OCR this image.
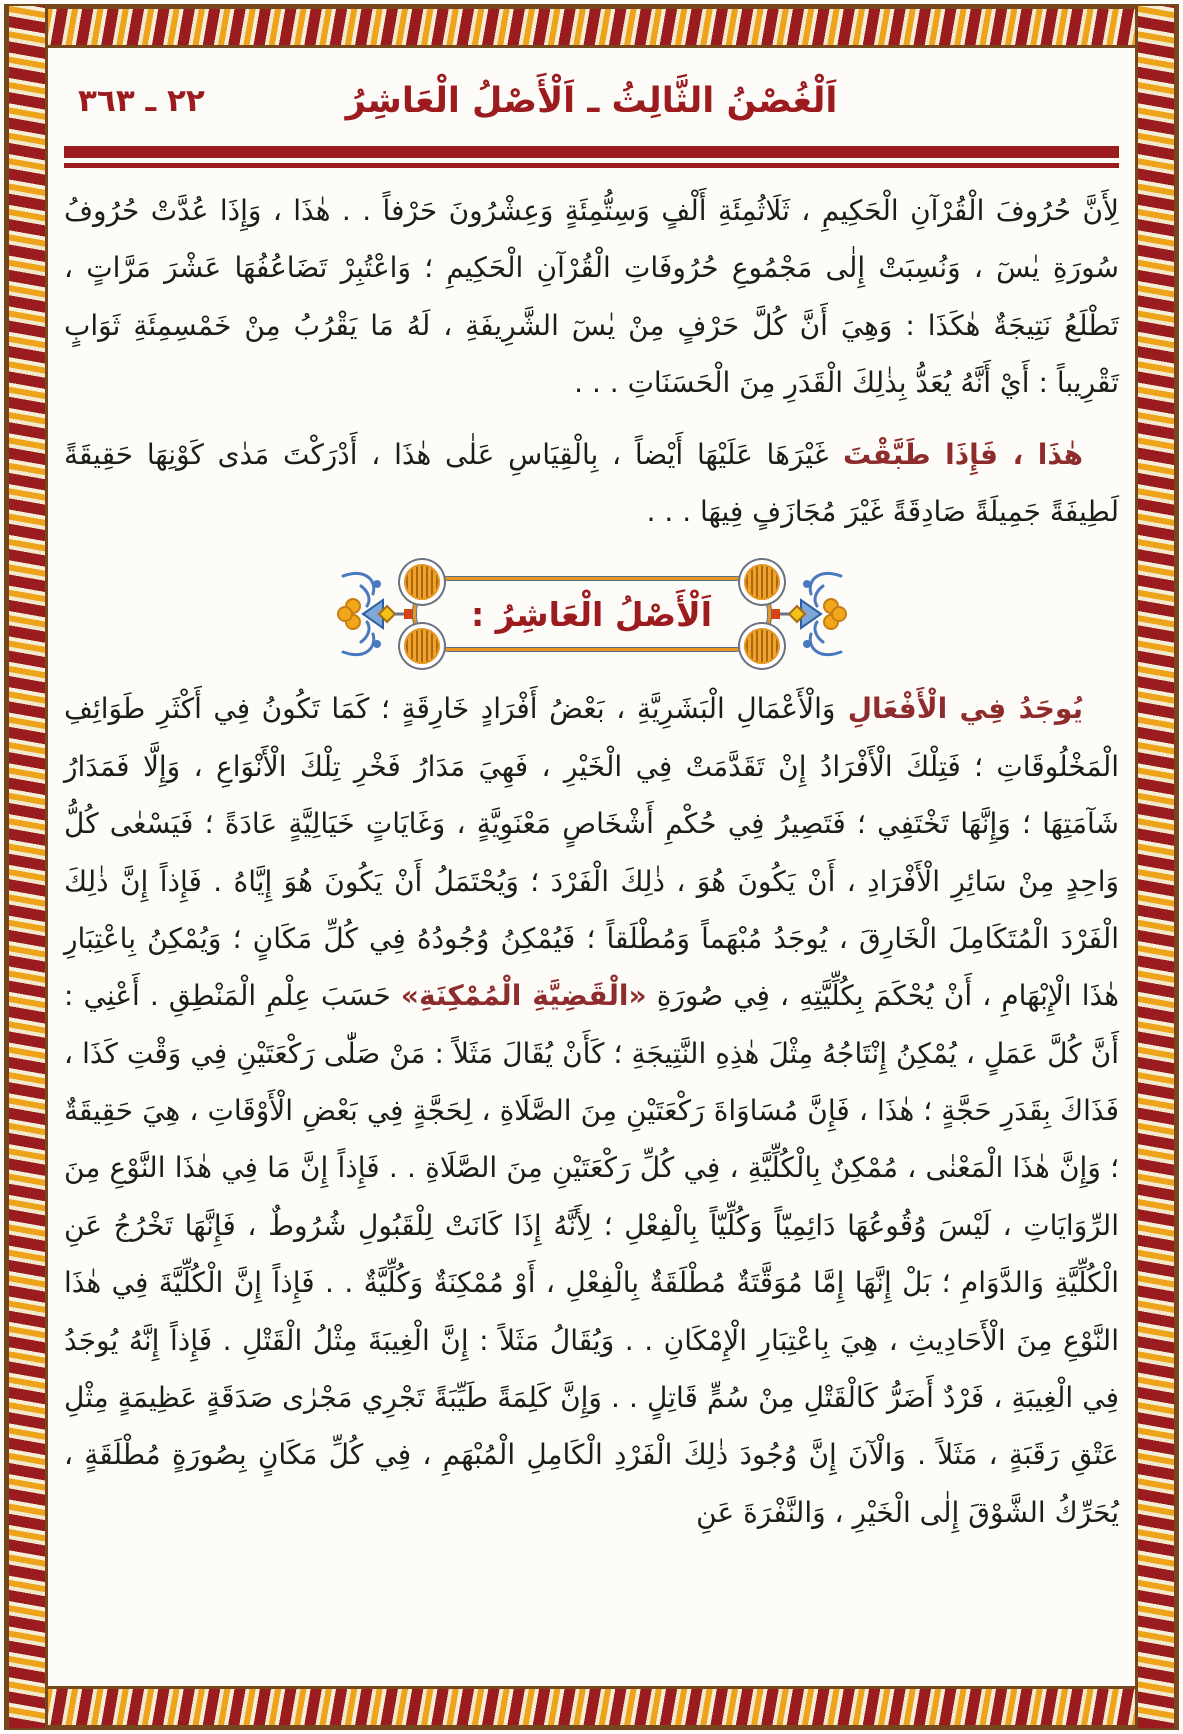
٢٢ ـ ٣٦٣	اَلْغُصْنُ الثَّالِثُ ـ اَلْأَصْلُ الْعَاشِرُ

لِأَنَّ حُرُوفَ الْقُرْآنِ الْحَكِيمِ ، ثَلَاثُمِئَةِ أَلْفٍ وَسِتُّمِئَةٍ وَعِشْرُونَ حَرْفاً . . هٰذَا ، وَإِذَا عُدَّتْ حُرُوفُ سُورَةِ يٰسٓ ، وَنُسِبَتْ إِلٰى مَجْمُوعِ حُرُوفَاتِ الْقُرْآنِ الْحَكِيمِ ؛ وَاعْتُبِرْ تَضَاعُفُهَا عَشْرَ مَرَّاتٍ ، تَطْلَعُ نَتِيجَةٌ هٰكَذَا : وَهِيَ أَنَّ كُلَّ حَرْفٍ مِنْ يٰسٓ الشَّرِيفَةِ ، لَهُ مَا يَقْرُبُ مِنْ خَمْسِمِئَةِ ثَوَابٍ تَقْرِيباً : أَيْ أَنَّهُ يُعَدُّ بِذٰلِكَ الْقَدَرِ مِنَ الْحَسَنَاتِ . . .

هٰذَا ، فَإِذَا طَبَّقْتَ غَيْرَهَا عَلَيْهَا أَيْضاً ، بِالْقِيَاسِ عَلٰى هٰذَا ، أَدْرَكْتَ مَدٰى كَوْنِهَا حَقِيقَةً لَطِيفَةً جَمِيلَةً صَادِقَةً غَيْرَ مُجَازَفٍ فِيهَا . . .

اَلْأَصْلُ الْعَاشِرُ :

يُوجَدُ فِي الْأَفْعَالِ وَالْأَعْمَالِ الْبَشَرِيَّةِ ، بَعْضُ أَفْرَادٍ خَارِقَةٍ ؛ كَمَا تَكُونُ فِي أَكْثَرِ طَوَائِفِ الْمَخْلُوقَاتِ ؛ فَتِلْكَ الْأَفْرَادُ إِنْ تَقَدَّمَتْ فِي الْخَيْرِ ، فَهِيَ مَدَارُ فَخْرِ تِلْكَ الْأَنْوَاعِ ، وَإِلَّا فَمَدَارُ شَآمَتِهَا ؛ وَإِنَّهَا تَخْتَفِي ؛ فَتَصِيرُ فِي حُكْمِ أَشْخَاصٍ مَعْنَوِيَّةٍ ، وَغَايَاتٍ خَيَالِيَّةٍ عَادَةً ؛ فَيَسْعٰى كُلُّ وَاحِدٍ مِنْ سَائِرِ الْأَفْرَادِ ، أَنْ يَكُونَ هُوَ ، ذٰلِكَ الْفَرْدَ ؛ وَيُحْتَمَلُ أَنْ يَكُونَ هُوَ إِيَّاهُ . فَإِذاً إِنَّ ذٰلِكَ الْفَرْدَ الْمُتَكَامِلَ الْخَارِقَ ، يُوجَدُ مُبْهَماً وَمُطْلَقاً ؛ فَيُمْكِنُ وُجُودُهُ فِي كُلِّ مَكَانٍ ؛ وَيُمْكِنُ بِاعْتِبَارِ هٰذَا الْإِبْهَامِ ، أَنْ يُحْكَمَ بِكُلِّيَّتِهِ ، فِي صُورَةِ «الْقَضِيَّةِ الْمُمْكِنَةِ» حَسَبَ عِلْمِ الْمَنْطِقِ . أَعْنِي : أَنَّ كُلَّ عَمَلٍ ، يُمْكِنُ إِنْتَاجُهُ مِثْلَ هٰذِهِ النَّتِيجَةِ ؛ كَأَنْ يُقَالَ مَثَلاً : مَنْ صَلّٰى رَكْعَتَيْنِ فِي وَقْتِ كَذَا ، فَذَاكَ بِقَدَرِ حَجَّةٍ ؛ هٰذَا ، فَإِنَّ مُسَاوَاةَ رَكْعَتَيْنِ مِنَ الصَّلَاةِ ، لِحَجَّةٍ فِي بَعْضِ الْأَوْقَاتِ ، هِيَ حَقِيقَةٌ ؛ وَإِنَّ هٰذَا الْمَعْنٰى ، مُمْكِنٌ بِالْكُلِّيَّةِ ، فِي كُلِّ رَكْعَتَيْنِ مِنَ الصَّلَاةِ . . فَإِذاً إِنَّ مَا فِي هٰذَا النَّوْعِ مِنَ الرِّوَايَاتِ ، لَيْسَ وُقُوعُهَا دَائِمِيّاً وَكُلِّيّاً بِالْفِعْلِ ؛ لِأَنَّهُ إِذَا كَانَتْ لِلْقَبُولِ شُرُوطٌ ، فَإِنَّهَا تَخْرُجُ عَنِ الْكُلِّيَّةِ وَالدَّوَامِ ؛ بَلْ إِنَّهَا إِمَّا مُوَقَّتَةٌ مُطْلَقَةٌ بِالْفِعْلِ ، أَوْ مُمْكِنَةٌ وَكُلِّيَّةٌ . . فَإِذاً إِنَّ الْكُلِّيَّةَ فِي هٰذَا النَّوْعِ مِنَ الْأَحَادِيثِ ، هِيَ بِاعْتِبَارِ الْإِمْكَانِ . . وَيُقَالُ مَثَلاً : إِنَّ الْغِيبَةَ مِثْلُ الْقَتْلِ . فَإِذاً إِنَّهُ يُوجَدُ فِي الْغِيبَةِ ، فَرْدٌ أَضَرُّ كَالْقَتْلِ مِنْ سُمٍّ قَاتِلٍ . . وَإِنَّ كَلِمَةً طَيِّبَةً تَجْرِي مَجْرٰى صَدَقَةٍ عَظِيمَةٍ مِثْلِ عَتْقِ رَقَبَةٍ ، مَثَلاً . وَالْآنَ إِنَّ وُجُودَ ذٰلِكَ الْفَرْدِ الْكَامِلِ الْمُبْهَمِ ، فِي كُلِّ مَكَانٍ بِصُورَةٍ مُطْلَقَةٍ ، يُحَرِّكُ الشَّوْقَ إِلٰى الْخَيْرِ ، وَالنَّفْرَةَ عَنِ
